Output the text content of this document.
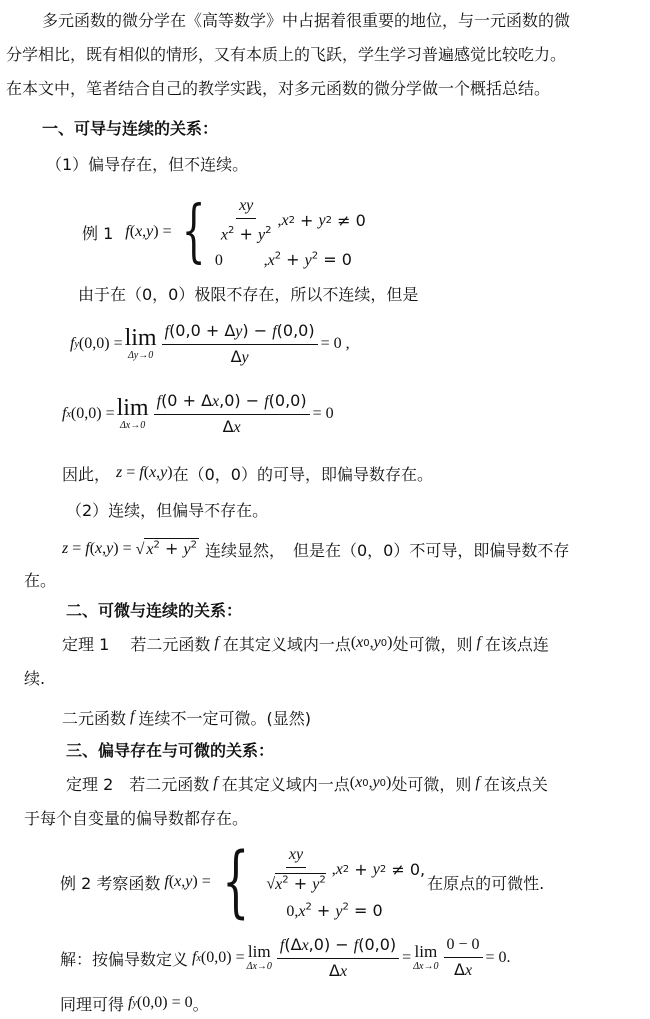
多元函数的微分学在《高等数学》中占据着很重要的地位，与一元函数的微
分学相比，既有相似的情形，又有本质上的飞跃，学生学习普遍感觉比较吃力。
在本文中，笔者结合自己的教学实践，对多元函数的微分学做一个概括总结。
一、可导与连续的关系：
（1）偏导存在，但不连续。
例 1 f ( x , y ) = { $\frac{xy}{x^2 + y^2}$ , x 2 + y 2 ≠ 0
0	$,x^2 + y^2 = 0$
由于在（0，0）极限不存在，所以不连续，但是
f y (0,0) = lim
$\Delta y\to 0 \frac{f(0,0 + \Delta y) - f(0,0)}{\Delta y} = 0$ ,
f x (0,0) = lim
$\Delta x\to 0 \frac{f(0 + \Delta x,0) - f(0,0)}{\Delta x} = 0$
因此， z = f ( x , y ) 在（0，0）的可导，即偏导数存在。
（2）连续，但偏导不存在。
z = f ( x , y ) = √ $x^2 + y^2$ 连续显然，　但是在（0，0）不可导，即偏导数不存
在。
二、可微与连续的关系：
定理 1　 若二元函数 f 在其定义域内一点 ( x 0 , y 0 ) 处可微，则 f 在该点连
续.
二元函数 f 连续不一定可微。(显然)
三、偏导存在与可微的关系：
定理 2　若二元函数 f 在其定义域内一点 ( x 0 , y 0 ) 处可微，则 f 在该点关
于每个自变量的偏导数都存在。
例 2 考察函数 f ( x , y ) = { $\frac{xy}{√x^2 + y^2}$ , x 2 + y 2 ≠ 0,
$0,x^2 + y^2 = 0$
在原点的可微性.
解：按偏导数定义 f x (0,0) = lim
$\Delta x\to 0 \frac{f(\Delta x,0) - f(0,0)}{\Delta x} = \lim$
$\Delta x\to 0 \frac{0 - 0}{\Delta x} = 0$.
同理可得 f y (0,0) = 0 。
